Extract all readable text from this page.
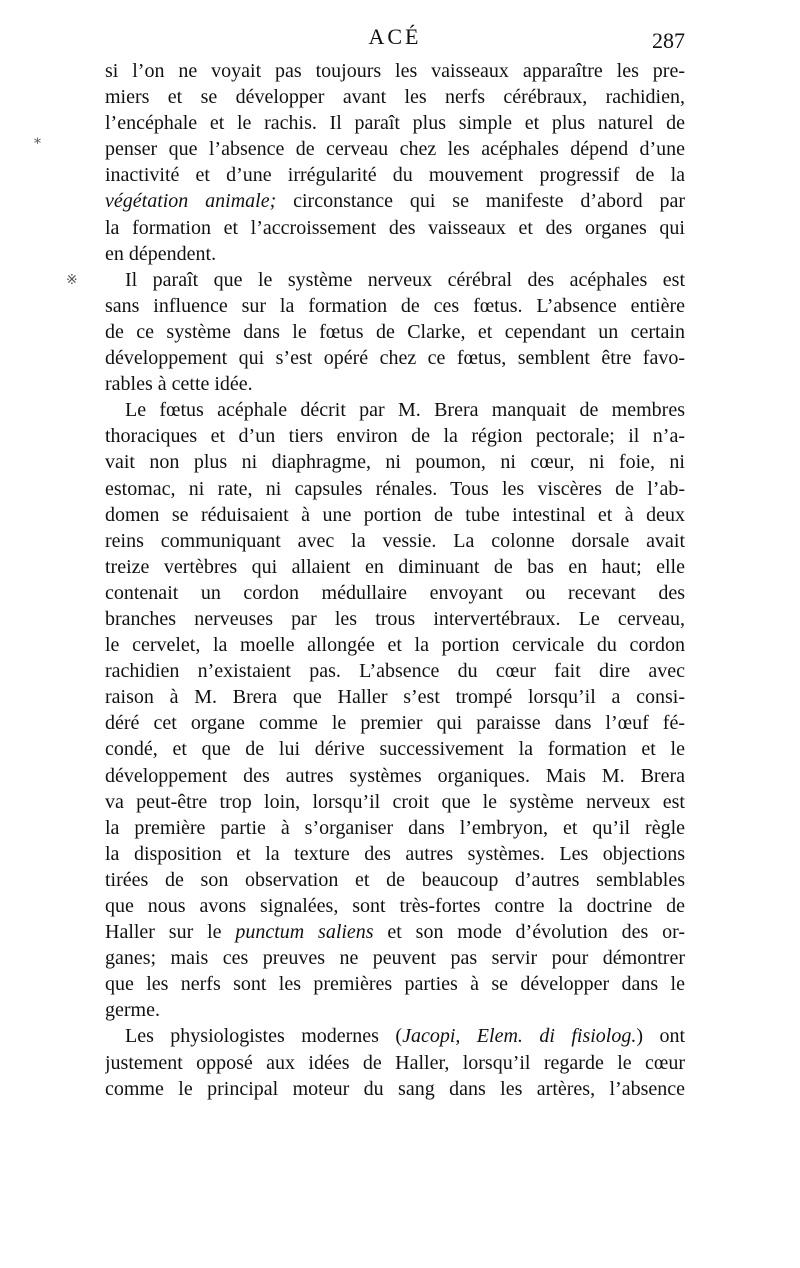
ACÉ	287
*
※
si l’on ne voyait pas toujours les vaisseaux apparaître les pre-
miers et se développer avant les nerfs cérébraux, rachidien,
l’encéphale et le rachis. Il paraît plus simple et plus naturel de
penser que l’absence de cerveau chez les acéphales dépend d’une
inactivité et d’une irrégularité du mouvement progressif de la
végétation animale; circonstance qui se manifeste d’abord par
la formation et l’accroissement des vaisseaux et des organes qui
en dépendent.
Il paraît que le système nerveux cérébral des acéphales est
sans influence sur la formation de ces fœtus. L’absence entière
de ce système dans le fœtus de Clarke, et cependant un certain
développement qui s’est opéré chez ce fœtus, semblent être favo-
rables à cette idée.
Le fœtus acéphale décrit par M. Brera manquait de membres
thoraciques et d’un tiers environ de la région pectorale; il n’a-
vait non plus ni diaphragme, ni poumon, ni cœur, ni foie, ni
estomac, ni rate, ni capsules rénales. Tous les viscères de l’ab-
domen se réduisaient à une portion de tube intestinal et à deux
reins communiquant avec la vessie. La colonne dorsale avait
treize vertèbres qui allaient en diminuant de bas en haut; elle
contenait un cordon médullaire envoyant ou recevant des
branches nerveuses par les trous intervertébraux. Le cerveau,
le cervelet, la moelle allongée et la portion cervicale du cordon
rachidien n’existaient pas. L’absence du cœur fait dire avec
raison à M. Brera que Haller s’est trompé lorsqu’il a consi-
déré cet organe comme le premier qui paraisse dans l’œuf fé-
condé, et que de lui dérive successivement la formation et le
développement des autres systèmes organiques. Mais M. Brera
va peut-être trop loin, lorsqu’il croit que le système nerveux est
la première partie à s’organiser dans l’embryon, et qu’il règle
la disposition et la texture des autres systèmes. Les objections
tirées de son observation et de beaucoup d’autres semblables
que nous avons signalées, sont très-fortes contre la doctrine de
Haller sur le punctum saliens et son mode d’évolution des or-
ganes; mais ces preuves ne peuvent pas servir pour démontrer
que les nerfs sont les premières parties à se développer dans le
germe.
Les physiologistes modernes (Jacopi, Elem. di fisiolog.) ont
justement opposé aux idées de Haller, lorsqu’il regarde le cœur
comme le principal moteur du sang dans les artères, l’absence
